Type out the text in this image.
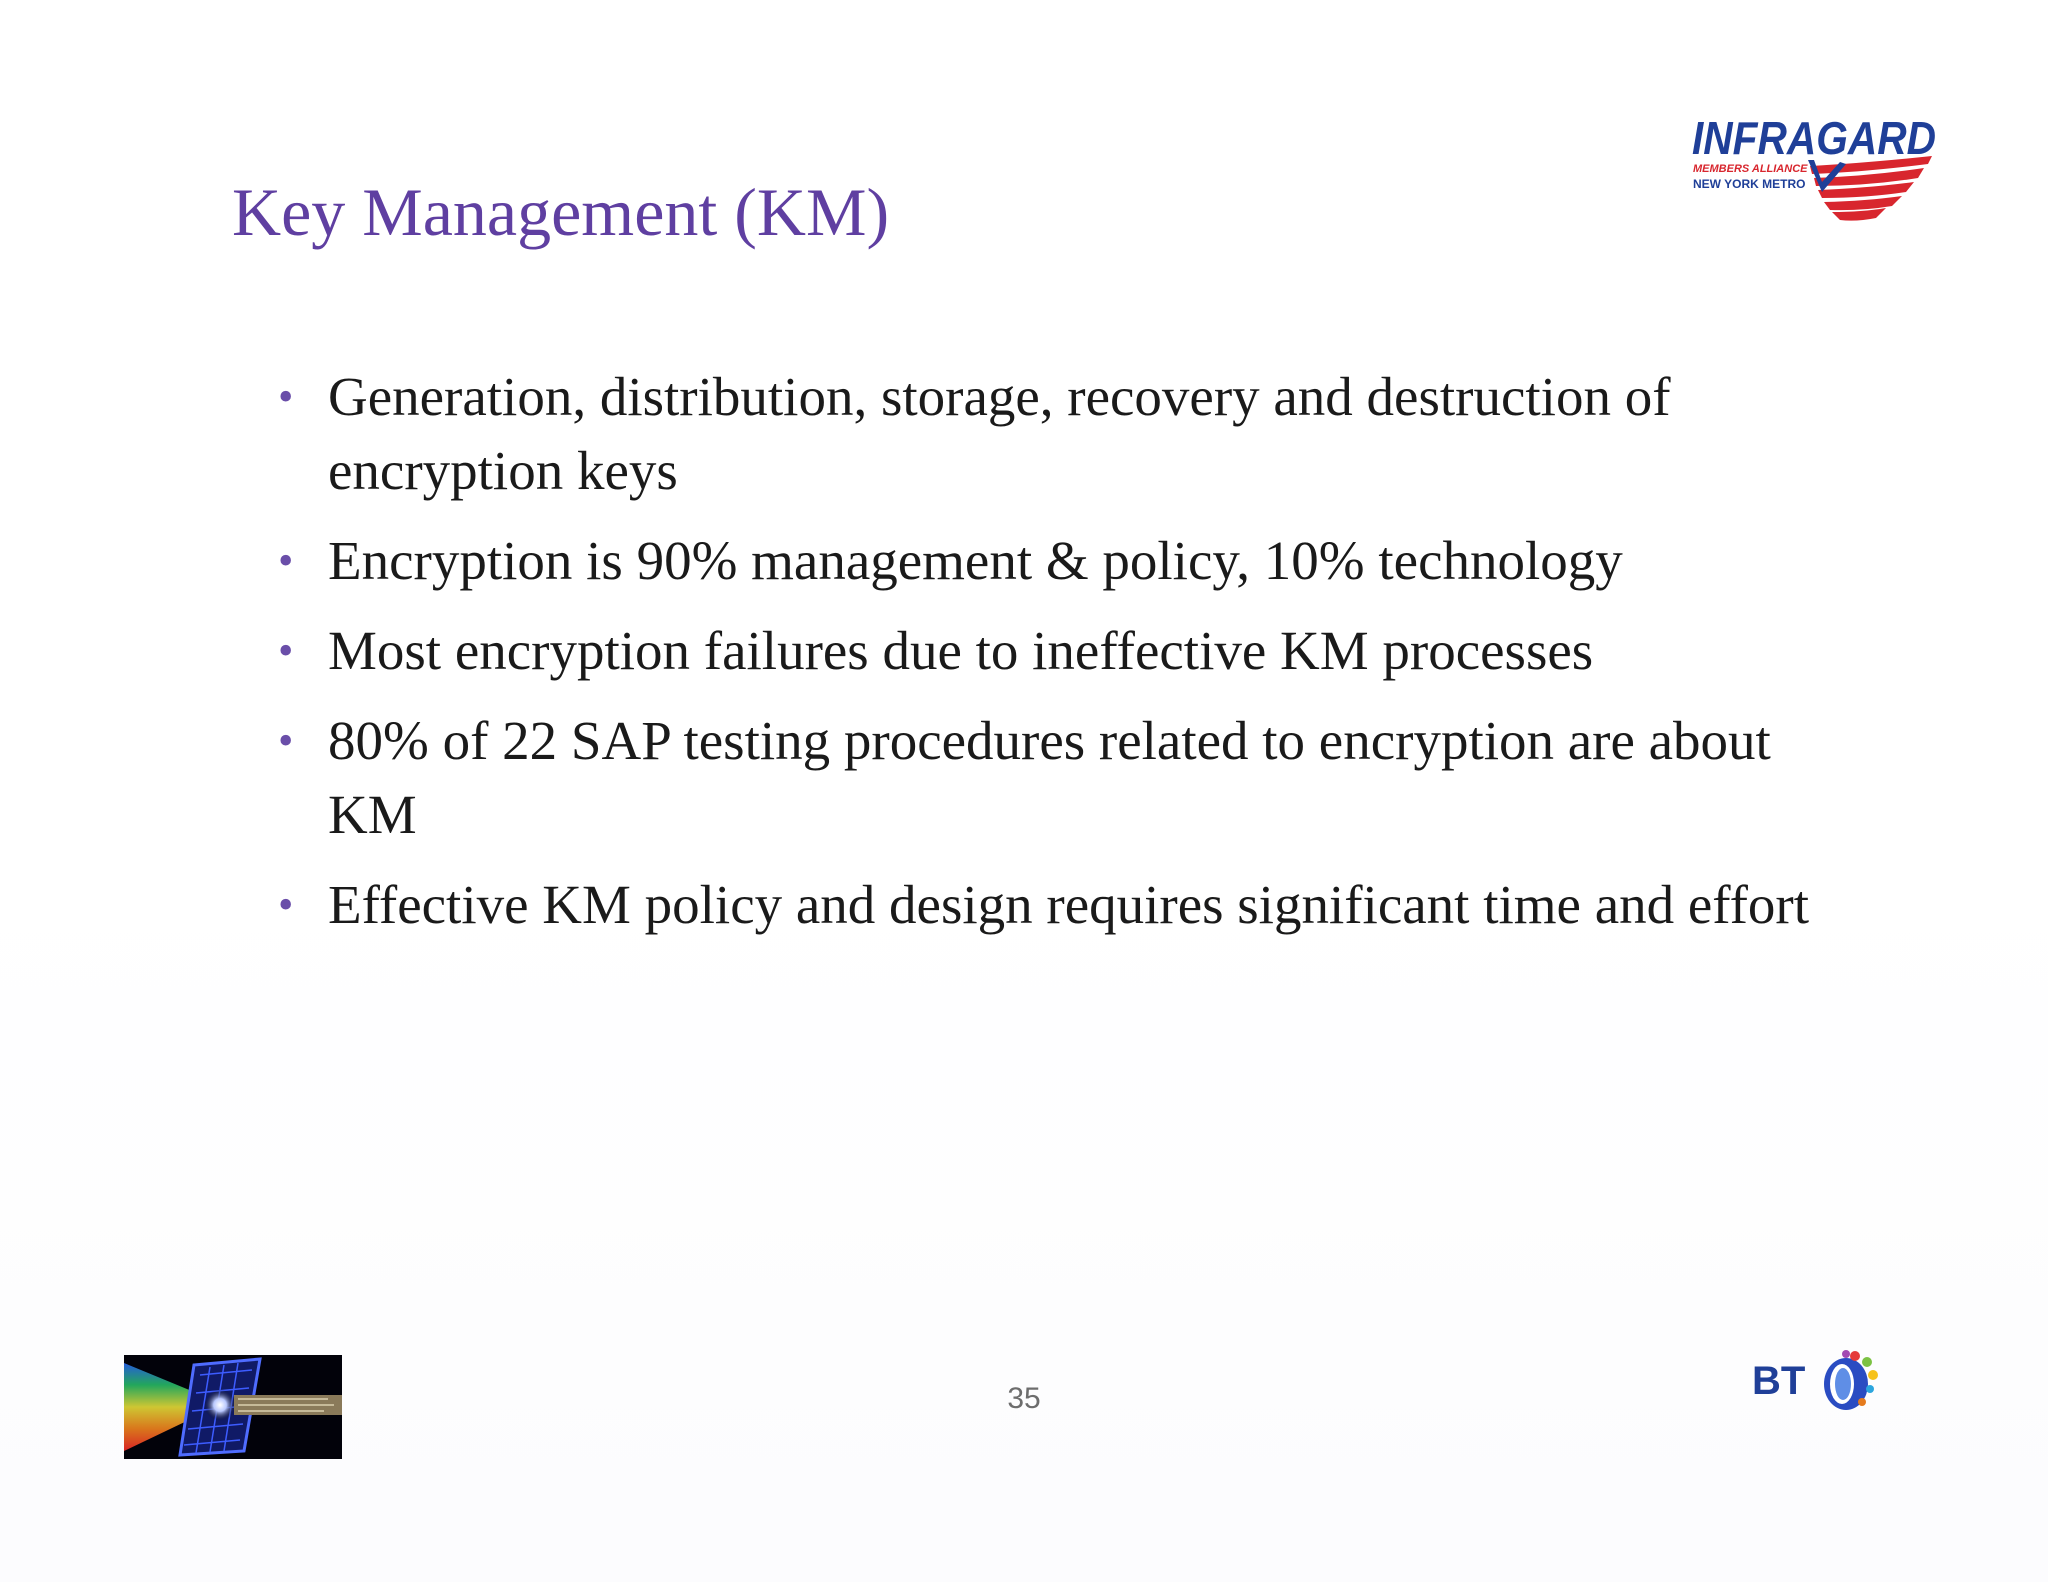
INFRAGARD
MEMBERS ALLIANCE
NEW YORK METRO
Key Management (KM)
• Generation, distribution, storage, recovery and destruction of encryption keys
• Encryption is 90% management & policy, 10% technology
• Most encryption failures due to ineffective KM processes
• 80% of 22 SAP testing procedures related to encryption are about KM
• Effective KM policy and design requires significant time and effort
35	BT
